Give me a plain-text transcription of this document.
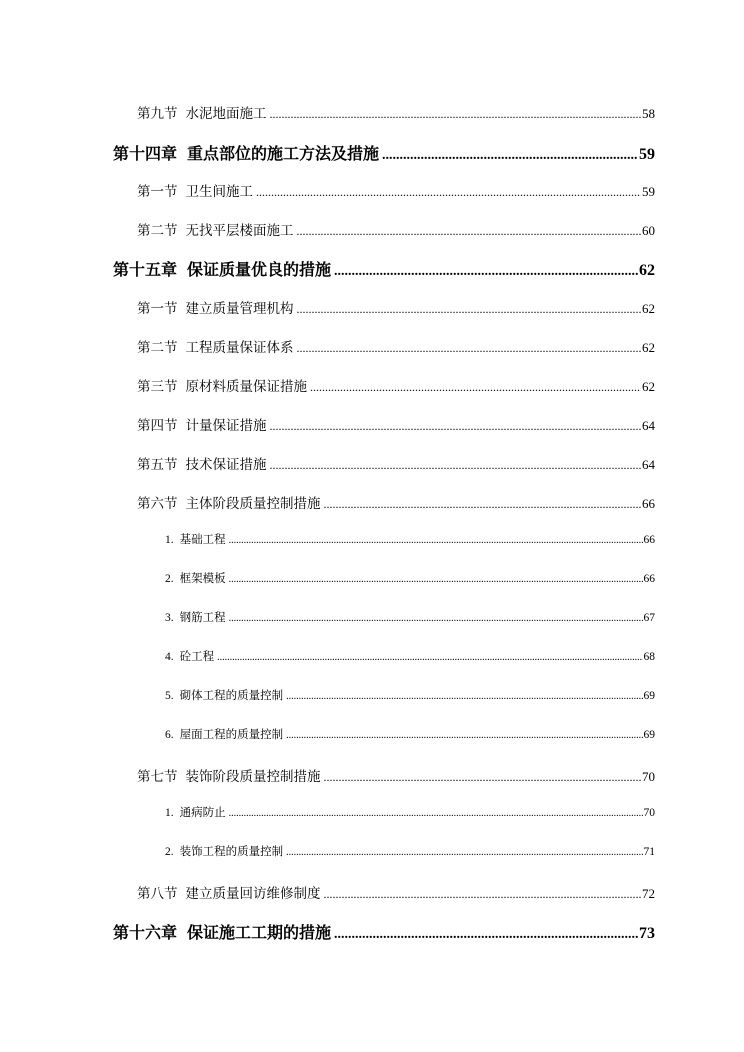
第九节 水泥地面施工 .....	58
第十四章 重点部位的施工方法及措施 .....	59
第一节 卫生间施工 .....	59
第二节 无找平层楼面施工 .....	60
第十五章 保证质量优良的措施 .....	62
第一节 建立质量管理机构 .....	62
第二节 工程质量保证体系 .....	62
第三节 原材料质量保证措施 .....	62
第四节 计量保证措施 .....	64
第五节 技术保证措施 .....	64
第六节 主体阶段质量控制措施 .....	66
1. 基础工程 .....	66
2. 框架模板 .....	66
3. 钢筋工程 .....	67
4. 砼工程 .....	68
5. 砌体工程的质量控制 .....	69
6. 屋面工程的质量控制 .....	69
第七节 装饰阶段质量控制措施 .....	70
1. 通病防止 .....	70
2. 装饰工程的质量控制 .....	71
第八节 建立质量回访维修制度 .....	72
第十六章 保证施工工期的措施 .....	73
